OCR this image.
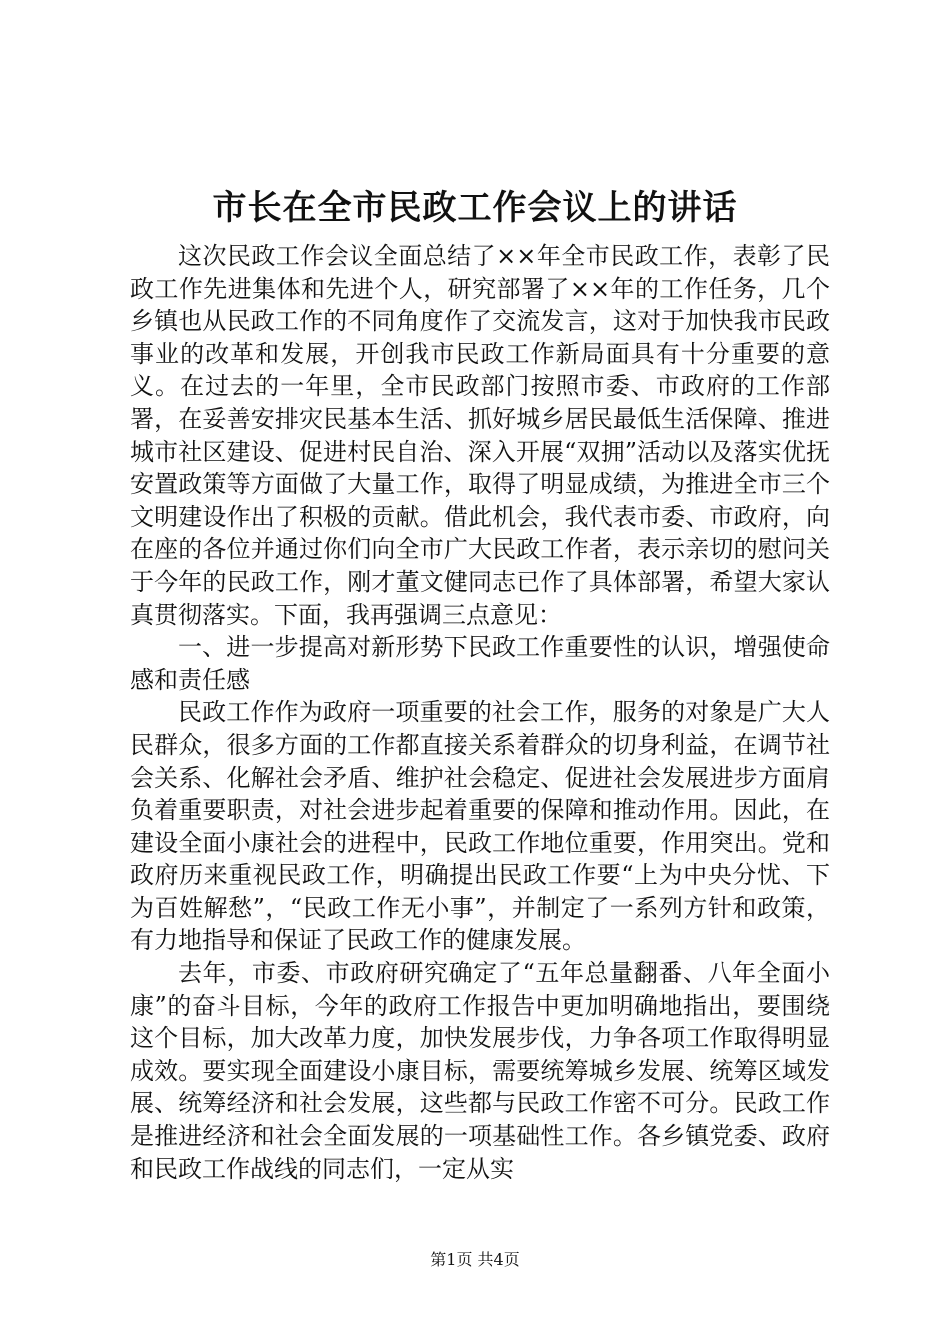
市长在全市民政工作会议上的讲话

这次民政工作会议全面总结了××年全市民政工作，表彰了民政工作先进集体和先进个人，研究部署了××年的工作任务，几个乡镇也从民政工作的不同角度作了交流发言，这对于加快我市民政事业的改革和发展，开创我市民政工作新局面具有十分重要的意义。在过去的一年里，全市民政部门按照市委、市政府的工作部署，在妥善安排灾民基本生活、抓好城乡居民最低生活保障、推进城市社区建设、促进村民自治、深入开展“双拥”活动以及落实优抚安置政策等方面做了大量工作，取得了明显成绩，为推进全市三个文明建设作出了积极的贡献。借此机会，我代表市委、市政府，向在座的各位并通过你们向全市广大民政工作者，表示亲切的慰问关于今年的民政工作，刚才董文健同志已作了具体部署，希望大家认真贯彻落实。下面，我再强调三点意见：

一、进一步提高对新形势下民政工作重要性的认识，增强使命感和责任感

民政工作作为政府一项重要的社会工作，服务的对象是广大人民群众，很多方面的工作都直接关系着群众的切身利益，在调节社会关系、化解社会矛盾、维护社会稳定、促进社会发展进步方面肩负着重要职责，对社会进步起着重要的保障和推动作用。因此，在建设全面小康社会的进程中，民政工作地位重要，作用突出。党和政府历来重视民政工作，明确提出民政工作要“上为中央分忧、下为百姓解愁”，“民政工作无小事”，并制定了一系列方针和政策，有力地指导和保证了民政工作的健康发展。

去年，市委、市政府研究确定了“五年总量翻番、八年全面小康”的奋斗目标，今年的政府工作报告中更加明确地指出，要围绕这个目标，加大改革力度，加快发展步伐，力争各项工作取得明显成效。要实现全面建设小康目标，需要统筹城乡发展、统筹区域发展、统筹经济和社会发展，这些都与民政工作密不可分。民政工作是推进经济和社会全面发展的一项基础性工作。各乡镇党委、政府和民政工作战线的同志们，一定从实

第1页 共4页
